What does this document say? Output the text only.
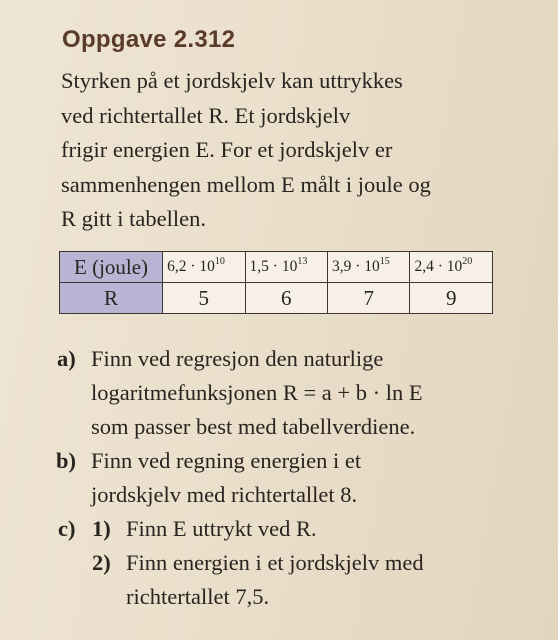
Oppgave 2.312

Styrken på et jordskjelv kan uttrykkes
ved richtertallet R. Et jordskjelv
frigir energien E. For et jordskjelv er
sammenhengen mellom E målt i joule og
R gitt i tabellen.

E (joule)	$6,2 \cdot 10^{10}$	$1,5 \cdot 10^{13}$	$3,9 \cdot 10^{15}$	$2,4 \cdot 10^{20}$
R	5	6	7	9
a) Finn ved regresjon den naturlige
logaritmefunksjonen R = a + b · ln E
som passer best med tabellverdiene.
b) Finn ved regning energien i et
jordskjelv med richtertallet 8.
c) 1) Finn E uttrykt ved R.
2) Finn energien i et jordskjelv med
richtertallet 7,5.
